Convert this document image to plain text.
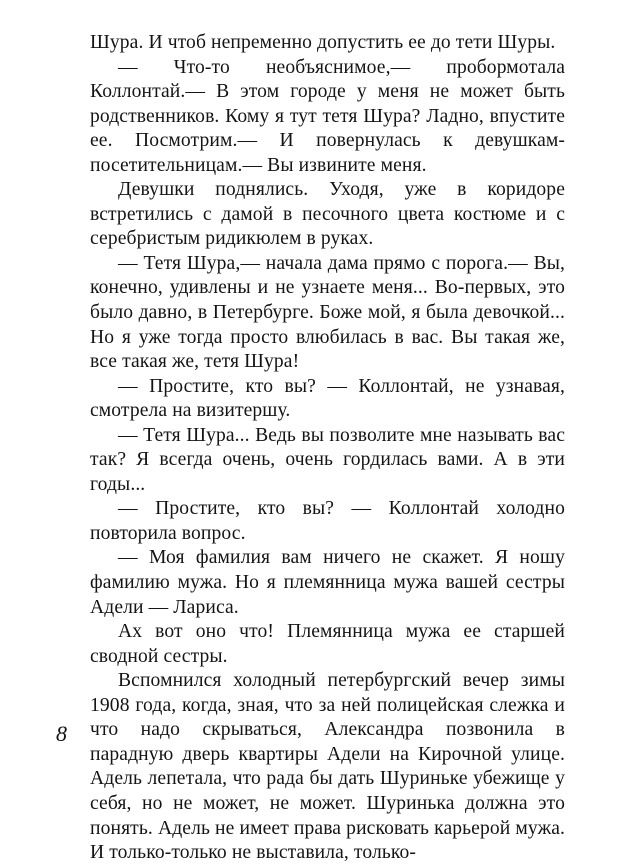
Шура. И чтоб непременно допустить ее до тети Шуры.

— Что-то необъяснимое,— пробормотала Коллонтай.— В этом городе у меня не может быть родственников. Кому я тут тетя Шура? Ладно, впустите ее. Посмотрим.— И повернулась к девушкам-посетительницам.— Вы извините меня.

Девушки поднялись. Уходя, уже в коридоре встретились с дамой в песочного цвета костюме и с серебристым ридикюлем в руках.

— Тетя Шура,— начала дама прямо с порога.— Вы, конечно, удивлены и не узнаете меня... Во-первых, это было давно, в Петербурге. Боже мой, я была девочкой... Но я уже тогда просто влюбилась в вас. Вы такая же, все такая же, тетя Шура!

— Простите, кто вы? — Коллонтай, не узнавая, смотрела на визитершу.

— Тетя Шура... Ведь вы позволите мне называть вас так? Я всегда очень, очень гордилась вами. А в эти годы...

— Простите, кто вы? — Коллонтай холодно повторила вопрос.

— Моя фамилия вам ничего не скажет. Я ношу фамилию мужа. Но я племянница мужа вашей сестры Адели — Лариса.

Ах вот оно что! Племянница мужа ее старшей сводной сестры.

Вспомнился холодный петербургский вечер зимы 1908 года, когда, зная, что за ней полицейская слежка и что надо скрываться, Александра позвонила в парадную дверь квартиры Адели на Кирочной улице. Адель лепетала, что рада бы дать Шуриньке убежище у себя, но не может, не может. Шуринька должна это понять. Адель не имеет права рисковать карьерой мужа. И только-только не выставила, только-

8
